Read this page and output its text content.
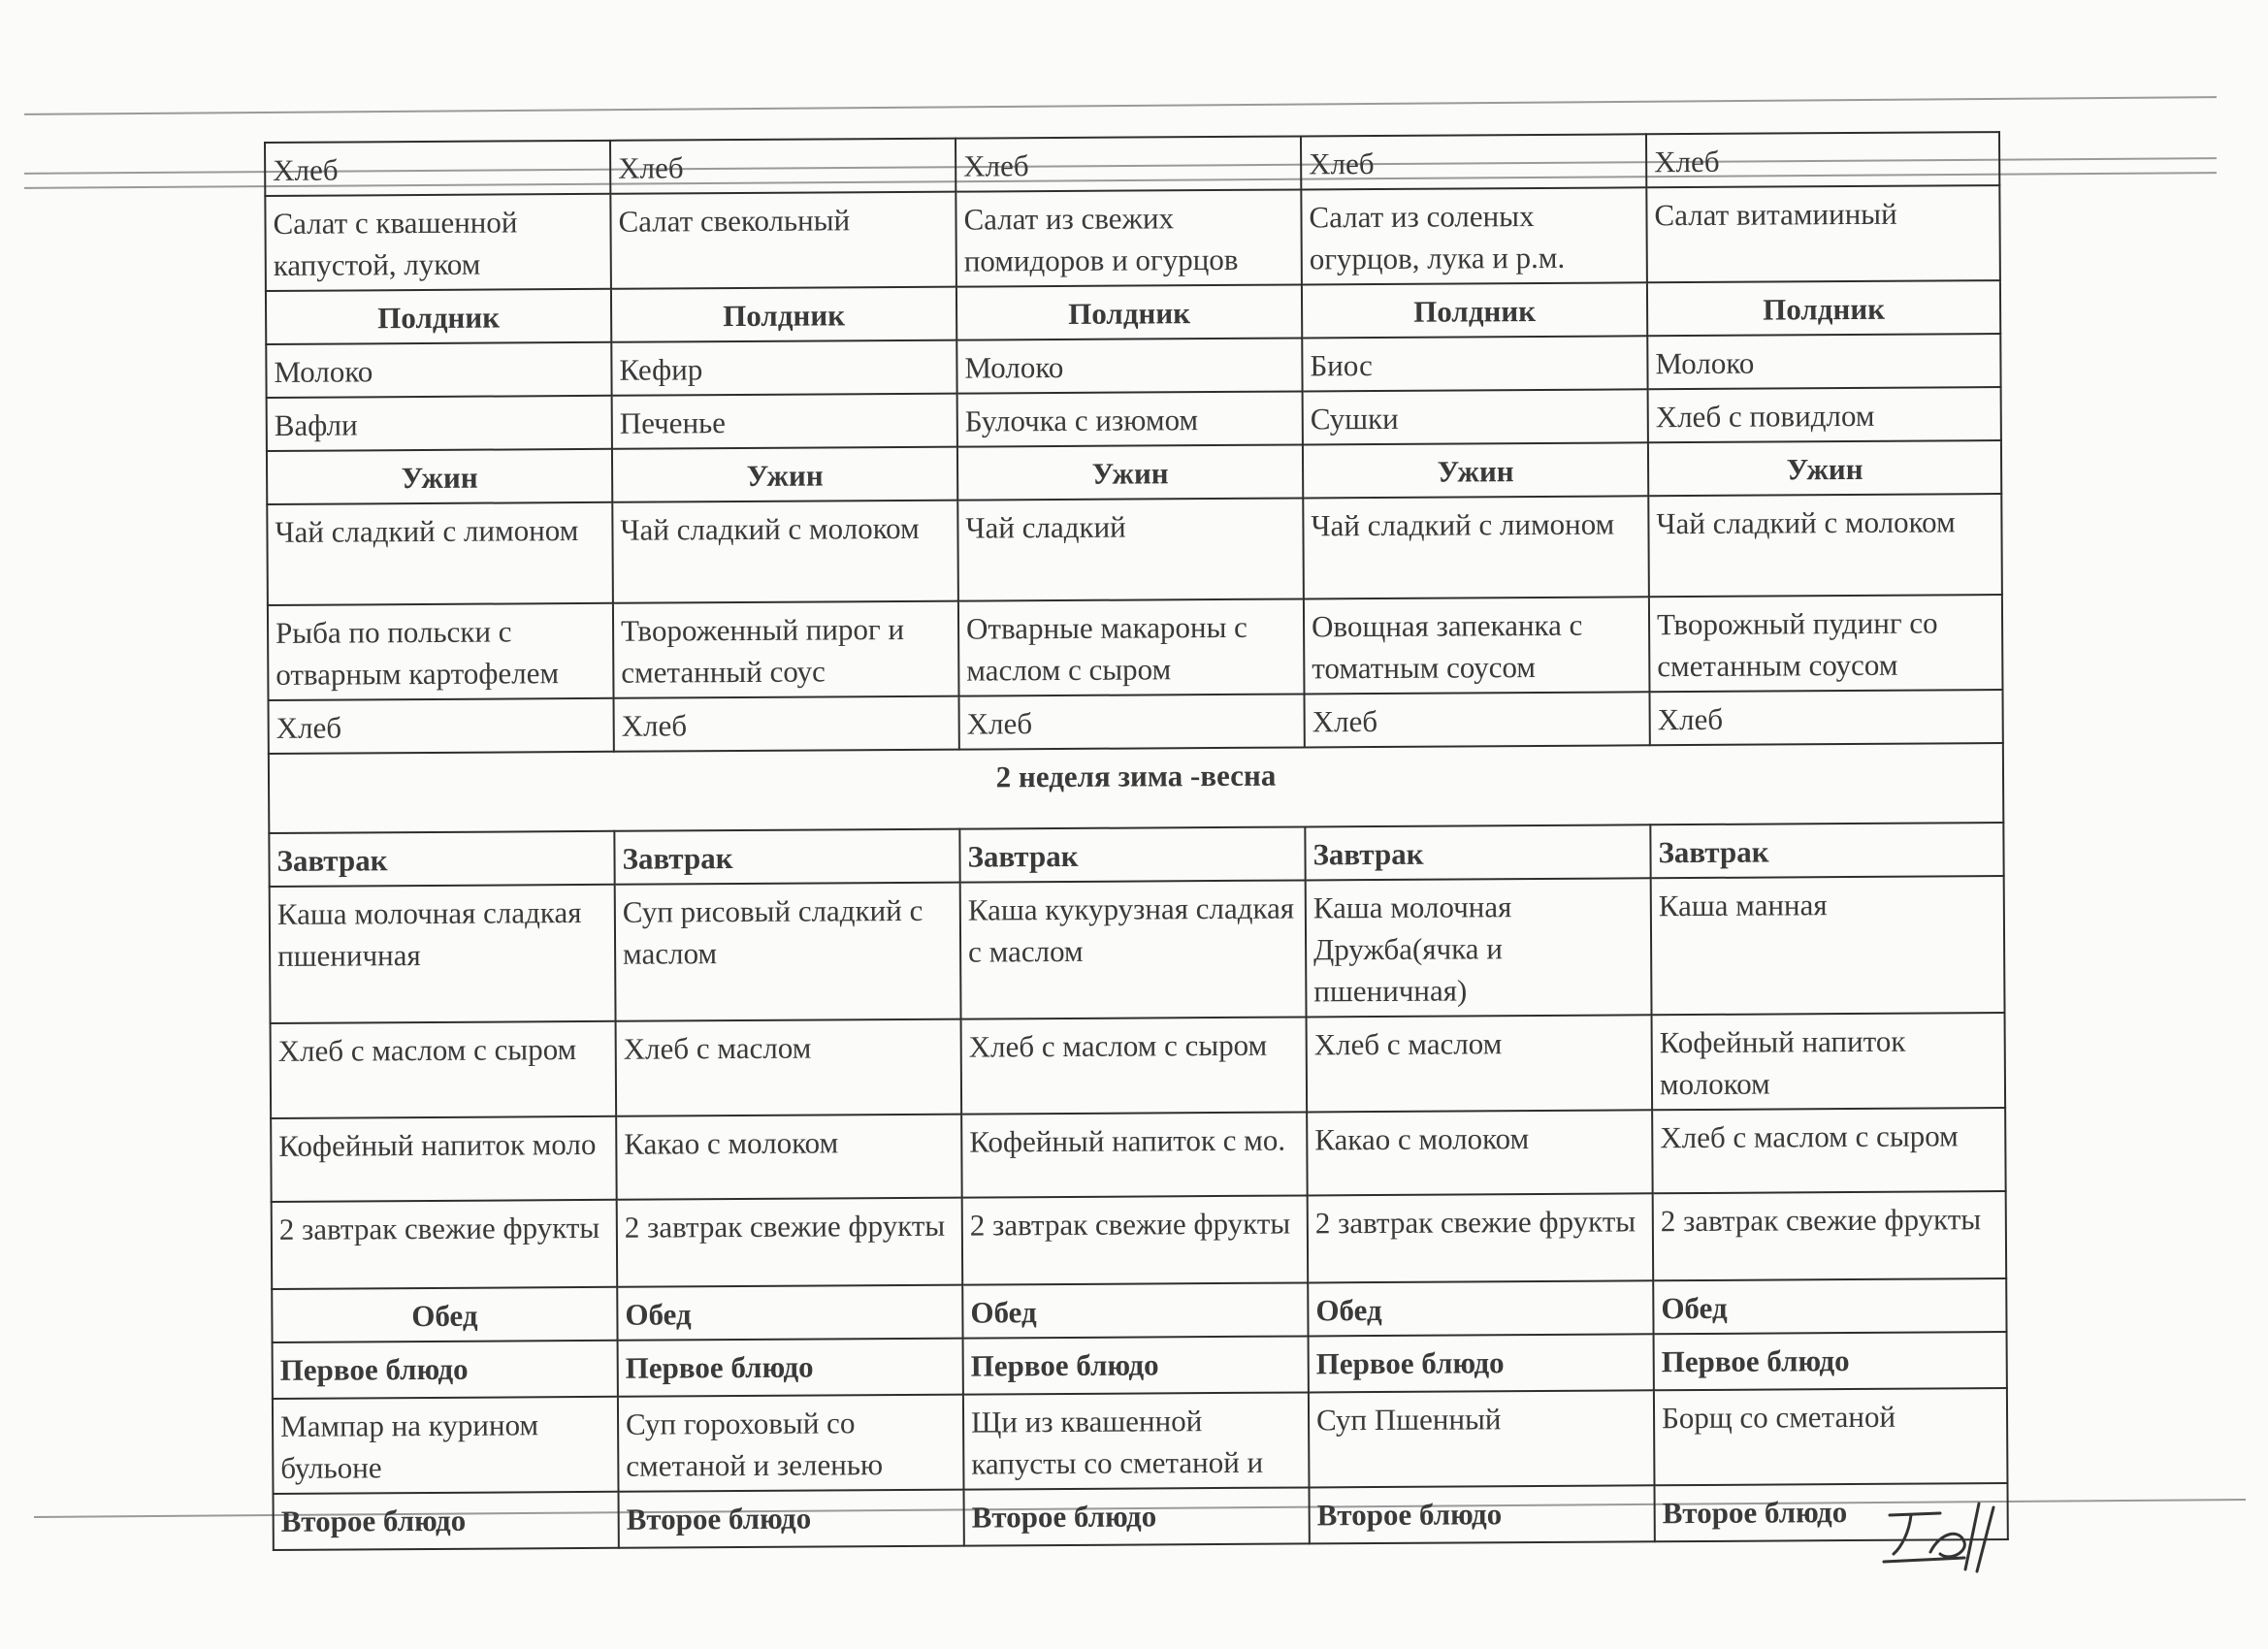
Хлеб	Хлеб	Хлеб	Хлеб	Хлеб
Салат с квашенной капустой, луком	Салат свекольный	Салат из свежих помидоров и огурцов	Салат из соленых огурцов, лука и р.м.	Салат витамииный
Полдник	Полдник	Полдник	Полдник	Полдник
Молоко	Кефир	Молоко	Биос	Молоко
Вафли	Печенье	Булочка с изюмом	Сушки	Хлеб с повидлом
Ужин	Ужин	Ужин	Ужин	Ужин
Чай сладкий с лимоном	Чай сладкий с молоком	Чай сладкий	Чай сладкий с лимоном	Чай сладкий с молоком
Рыба по польски с отварным картофелем	Твороженный пирог и сметанный соус	Отварные макароны с маслом с сыром	Овощная запеканка с томатным соусом	Творожный пудинг со сметанным соусом
Хлеб	Хлеб	Хлеб	Хлеб	Хлеб
2 неделя зима -весна				
Завтрак	Завтрак	Завтрак	Завтрак	Завтрак
Каша молочная сладкая пшеничная	Суп рисовый сладкий с маслом	Каша кукурузная сладкая с маслом	Каша молочная Дружба(ячка и пшеничная)	Каша манная
Хлеб с маслом с сыром	Хлеб с маслом	Хлеб с маслом с сыром	Хлеб с маслом	Кофейный напиток молоком
Кофейный напиток моло	Какао с молоком	Кофейный напиток с мо.	Какао с молоком	Хлеб с маслом с сыром
2 завтрак свежие фрукты	2 завтрак свежие фрукты	2 завтрак свежие фрукты	2 завтрак свежие фрукты	2 завтрак свежие фрукты
Обед	Обед	Обед	Обед	Обед
Первое блюдо	Первое блюдо	Первое блюдо	Первое блюдо	Первое блюдо
Мампар на курином бульоне	Суп гороховый со сметаной и зеленью	Щи из квашенной капусты со сметаной и	Суп Пшенный	Борщ со сметаной
Второе блюдо	Второе блюдо	Второе блюдо	Второе блюдо	Второе блюдо
